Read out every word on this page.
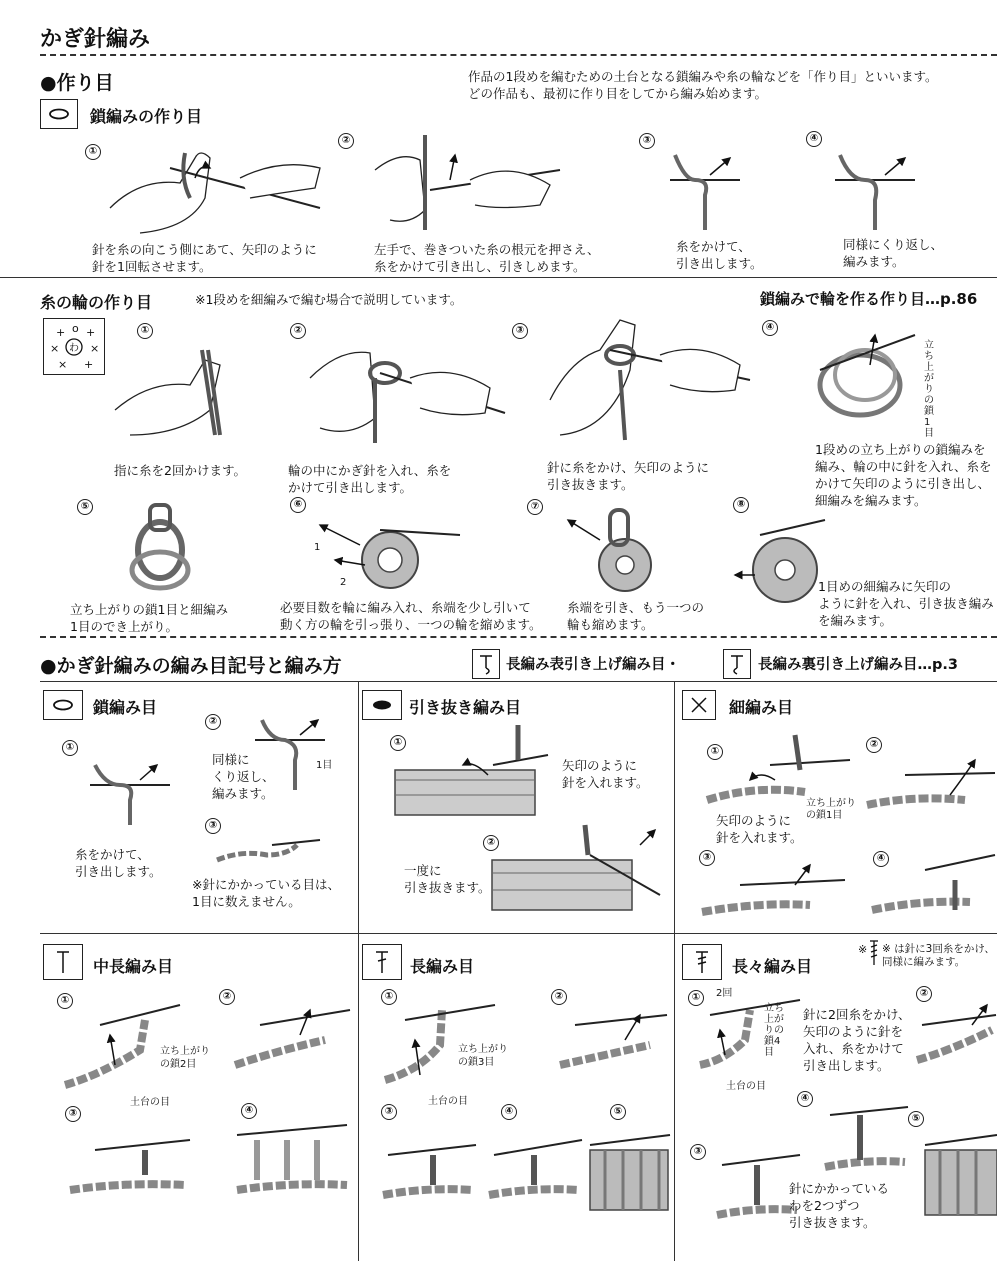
かぎ針編み
●作り目	作品の1段めを編むための土台となる鎖編みや糸の輪などを「作り目」といいます。
どの作品も、最初に作り目をしてから編み始めます。
鎖編みの作り目
①
針を糸の向こう側にあて、矢印のように
針を1回転させます。
②
左手で、巻きついた糸の根元を押さえ、
糸をかけて引き出し、引きしめます。
③
糸をかけて、
引き出します。
④
同様にくり返し、
編みます。
糸の輪の作り目	※1段めを細編みで編む場合で説明しています。	鎖編みで輪を作る作り目…p.86
わ
+ o +
×	×
× +
①
指に糸を2回かけます。
②
輪の中にかぎ針を入れ、糸を
かけて引き出します。
③
針に糸をかけ、矢印のように
引き抜きます。
④
立ち上がりの鎖1目
1段めの立ち上がりの鎖編みを
編み、輪の中に針を入れ、糸を
かけて矢印のように引き出し、
細編みを編みます。
⑤
立ち上がりの鎖1目と細編み
1目のでき上がり。
⑥
1
2
必要目数を輪に編み入れ、糸端を少し引いて
動く方の輪を引っ張り、一つの輪を縮めます。
⑦
糸端を引き、もう一つの
輪も縮めます。
⑧
1目めの細編みに矢印の
ように針を入れ、引き抜き編み
を編みます。
●かぎ針編みの編み目記号と編み方	長編み表引き上げ編み目・	長編み裏引き上げ編み目…p.3
鎖編み目
①
糸をかけて、
引き出します。
②
1目
同様に
くり返し、
編みます。
③
※針にかかっている目は、
1目に数えません。
引き抜き編み目
①
矢印のように
針を入れます。
②
一度に
引き抜きます。
細編み目
①
立ち上がり
の鎖1目
矢印のように
針を入れます。
②
③	④
中長編み目
①
立ち上がり
の鎖2目
土台の目
②
③	④
長編み目
①
立ち上がり
の鎖3目
土台の目
②
③	④	⑤
長々編み目
※ ※ は針に3回糸をかけ、
同様に編みます。
①	2回
立ち上がりの鎖4目
土台の目
針に2回糸をかけ、
矢印のように針を
入れ、糸をかけて
引き出します。
②
③
④
針にかかっている
わを2つずつ
引き抜きます。
⑤
